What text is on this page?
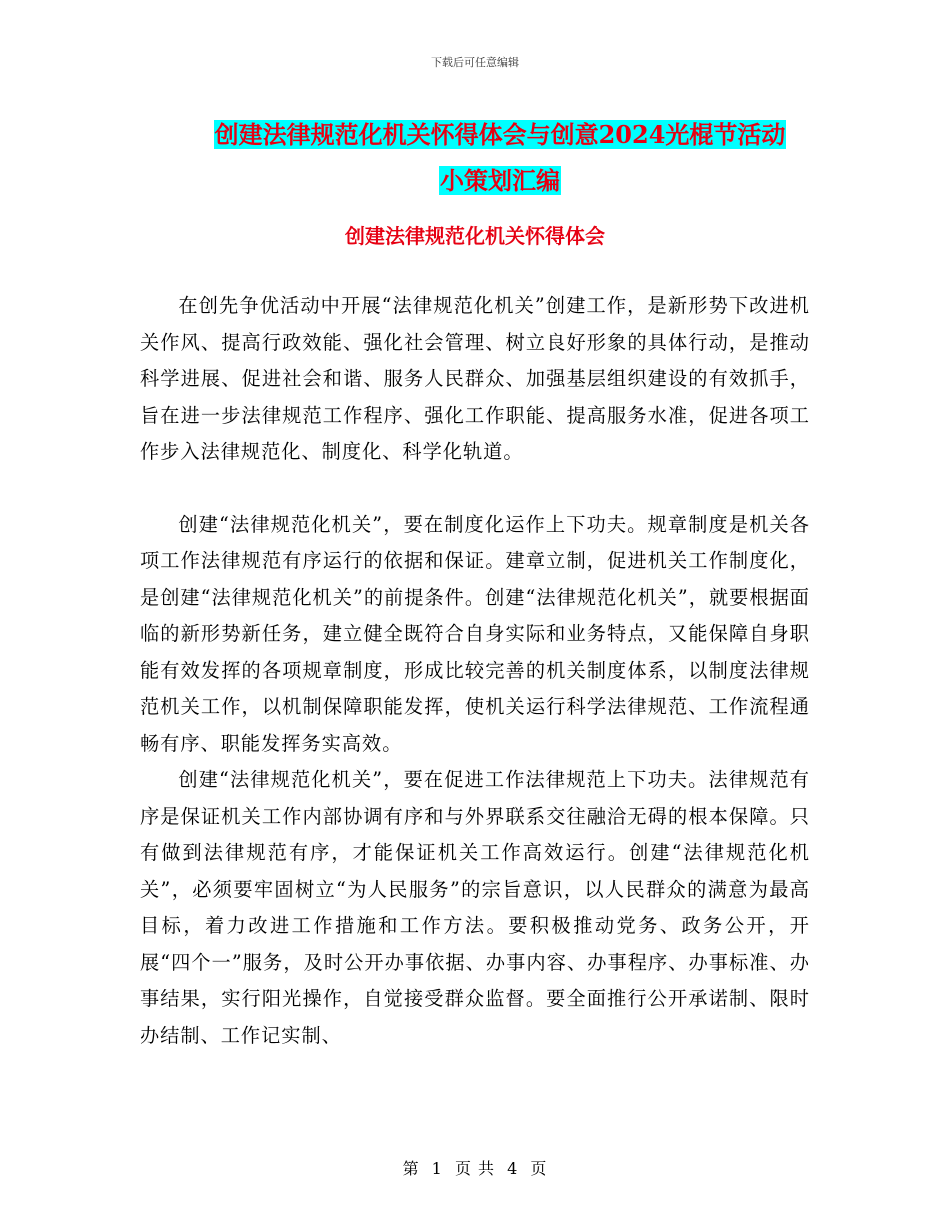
下载后可任意编辑
创建法律规范化机关怀得体会与创意2024光棍节活动
小策划汇编
创建法律规范化机关怀得体会

在创先争优活动中开展“法律规范化机关”创建工作，是新形势下改进机关作风、提高行政效能、强化社会管理、树立良好形象的具体行动，是推动科学进展、促进社会和谐、服务人民群众、加强基层组织建设的有效抓手，旨在进一步法律规范工作程序、强化工作职能、提高服务水准，促进各项工作步入法律规范化、制度化、科学化轨道。

创建“法律规范化机关”，要在制度化运作上下功夫。规章制度是机关各项工作法律规范有序运行的依据和保证。建章立制，促进机关工作制度化，是创建“法律规范化机关”的前提条件。创建“法律规范化机关”，就要根据面临的新形势新任务，建立健全既符合自身实际和业务特点，又能保障自身职能有效发挥的各项规章制度，形成比较完善的机关制度体系，以制度法律规范机关工作，以机制保障职能发挥，使机关运行科学法律规范、工作流程通畅有序、职能发挥务实高效。

创建“法律规范化机关”，要在促进工作法律规范上下功夫。法律规范有序是保证机关工作内部协调有序和与外界联系交往融洽无碍的根本保障。只有做到法律规范有序，才能保证机关工作高效运行。创建“法律规范化机关”，必须要牢固树立“为人民服务”的宗旨意识，以人民群众的满意为最高目标，着力改进工作措施和工作方法。要积极推动党务、政务公开，开展“四个一”服务，及时公开办事依据、办事内容、办事程序、办事标准、办事结果，实行阳光操作，自觉接受群众监督。要全面推行公开承诺制、限时办结制、工作记实制、

第 1 页 共 4 页
